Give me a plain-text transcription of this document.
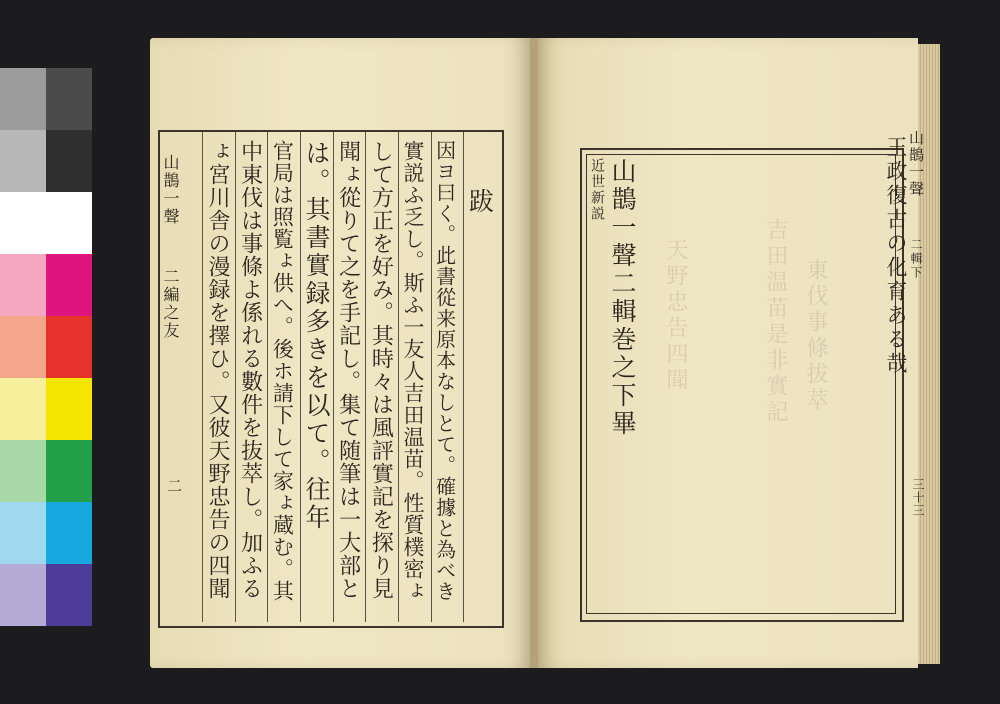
跋
因ヨ曰く。此書從来原本なしとて。確據と為べき
實説ふ乏し。斯ふ一友人吉田温苗。性質樸密ょ
して方正を好み。其時々は風評實記を探り見
聞ょ從りて之を手記し。集て随筆は一大部と
は。其書實録多きを以て。往年
官局は照覧ょ供へ。後ホ請下して家ょ蔵む。其
中東伐は事條よ係れる數件を抜萃し。加ふる
ょ宮川舎の漫録を擇ひ。又彼天野忠告の四聞
山鵲一聲
二編之友
二
吉田温苗是非實記 東伐事條拔萃
天野忠告四聞
近世新説 山鵲一聲二輯巻之下畢	王政復古の化育ある哉 山鵲一聲
二輯下
三十三
